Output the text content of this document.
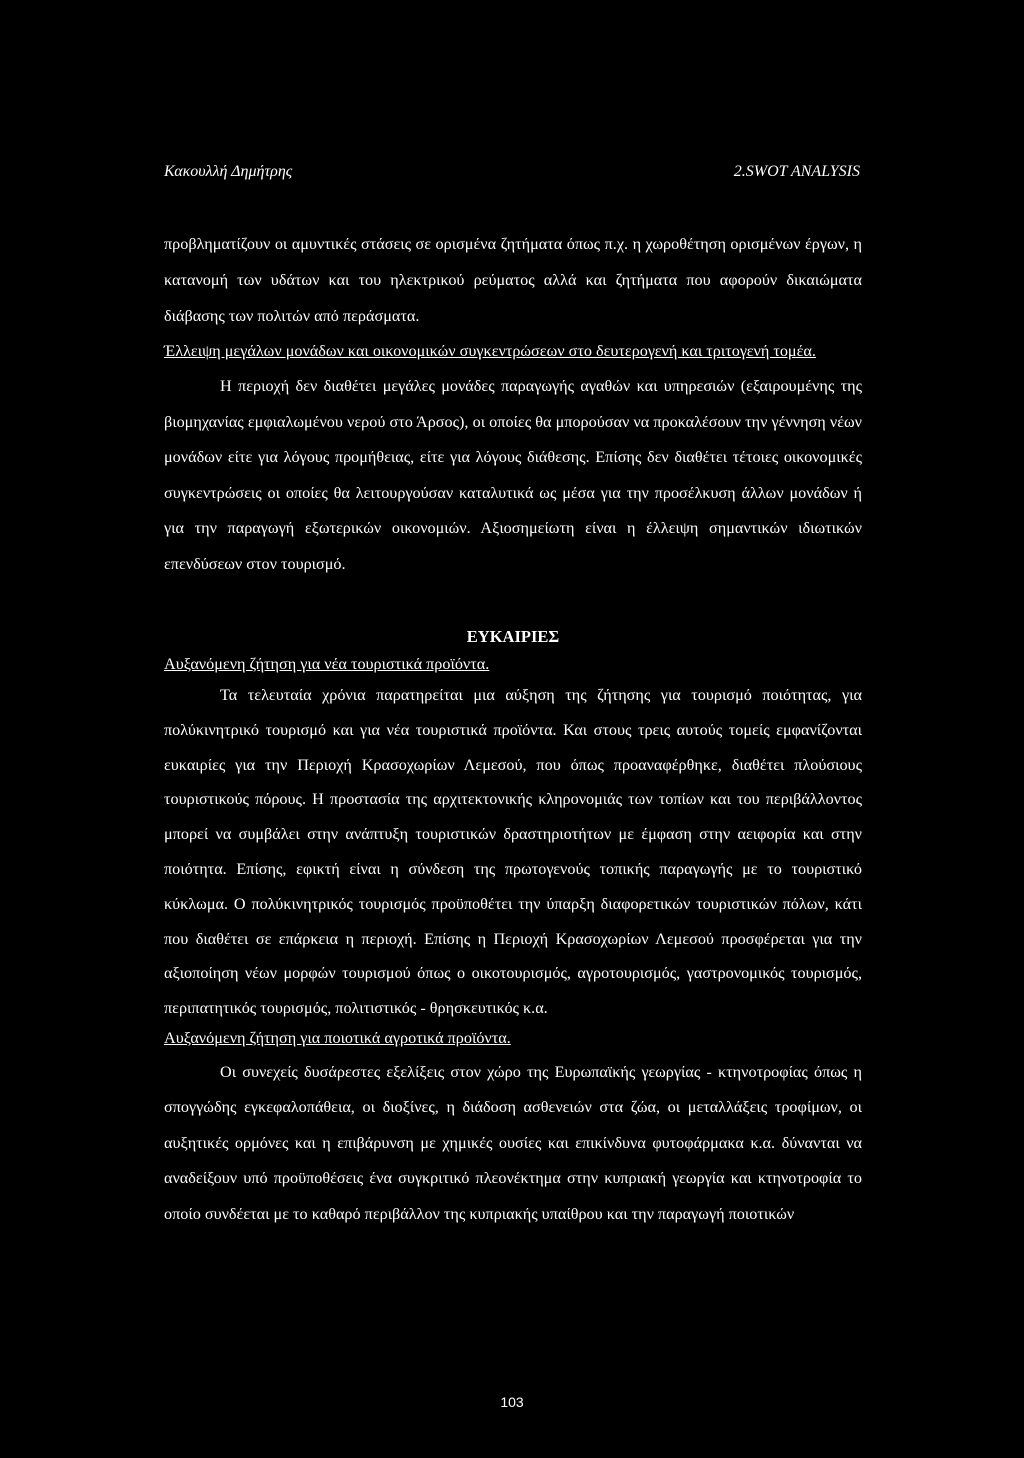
Κακουλλή Δημήτρης	2.SWOT ANALYSIS

προβληματίζουν οι αμυντικές στάσεις σε ορισμένα ζητήματα όπως π.χ. η χωροθέτηση ορισμένων έργων, η κατανομή των υδάτων και του ηλεκτρικού ρεύματος αλλά και ζητήματα που αφορούν δικαιώματα διάβασης των πολιτών από περάσματα.

Έλλειψη μεγάλων μονάδων και οικονομικών συγκεντρώσεων στο δευτερογενή και τριτογενή τομέα.

Η περιοχή δεν διαθέτει μεγάλες μονάδες παραγωγής αγαθών και υπηρεσιών (εξαιρουμένης της βιομηχανίας εμφιαλωμένου νερού στο Άρσος), οι οποίες θα μπορούσαν να προκαλέσουν την γέννηση νέων μονάδων είτε για λόγους προμήθειας, είτε για λόγους διάθεσης. Επίσης δεν διαθέτει τέτοιες οικονομικές συγκεντρώσεις οι οποίες θα λειτουργούσαν καταλυτικά ως μέσα για την προσέλκυση άλλων μονάδων ή για την παραγωγή εξωτερικών οικονομιών. Αξιοσημείωτη είναι η έλλειψη σημαντικών ιδιωτικών επενδύσεων στον τουρισμό.

ΕΥΚΑΙΡΙΕΣ

Αυξανόμενη ζήτηση για νέα τουριστικά προϊόντα.

Τα τελευταία χρόνια παρατηρείται μια αύξηση της ζήτησης για τουρισμό ποιότητας, για πολύκινητρικό τουρισμό και για νέα τουριστικά προϊόντα. Και στους τρεις αυτούς τομείς εμφανίζονται ευκαιρίες για την Περιοχή Κρασοχωρίων Λεμεσού, που όπως προαναφέρθηκε, διαθέτει πλούσιους τουριστικούς πόρους. Η προστασία της αρχιτεκτονικής κληρονομιάς των τοπίων και του περιβάλλοντος μπορεί να συμβάλει στην ανάπτυξη τουριστικών δραστηριοτήτων με έμφαση στην αειφορία και στην ποιότητα. Επίσης, εφικτή είναι η σύνδεση της πρωτογενούς τοπικής παραγωγής με το τουριστικό κύκλωμα. Ο πολύκινητρικός τουρισμός προϋποθέτει την ύπαρξη διαφορετικών τουριστικών πόλων, κάτι που διαθέτει σε επάρκεια η περιοχή. Επίσης η Περιοχή Κρασοχωρίων Λεμεσού προσφέρεται για την αξιοποίηση νέων μορφών τουρισμού όπως ο οικοτουρισμός, αγροτουρισμός, γαστρονομικός τουρισμός, περιπατητικός τουρισμός, πολιτιστικός - θρησκευτικός κ.α.

Αυξανόμενη ζήτηση για ποιοτικά αγροτικά προϊόντα.

Οι συνεχείς δυσάρεστες εξελίξεις στον χώρο της Ευρωπαϊκής γεωργίας - κτηνοτροφίας όπως η σπογγώδης εγκεφαλοπάθεια, οι διοξίνες, η διάδοση ασθενειών στα ζώα, οι μεταλλάξεις τροφίμων, οι αυξητικές ορμόνες και η επιβάρυνση με χημικές ουσίες και επικίνδυνα φυτοφάρμακα κ.α. δύνανται να αναδείξουν υπό προϋποθέσεις ένα συγκριτικό πλεονέκτημα στην κυπριακή γεωργία και κτηνοτροφία το οποίο συνδέεται με το καθαρό περιβάλλον της κυπριακής υπαίθρου και την παραγωγή ποιοτικών

103
